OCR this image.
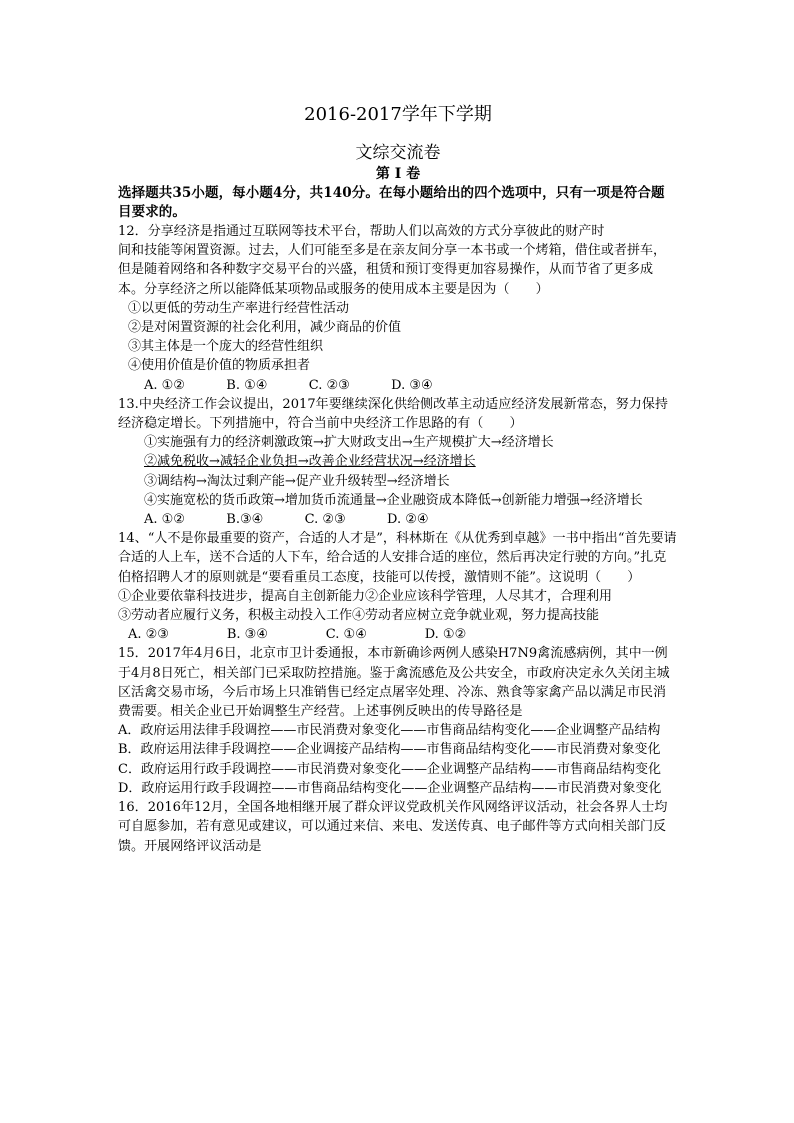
2016-2017学年下学期

文综交流卷

第 Ⅰ 卷

选择题共35小题，每小题4分，共140分。在每小题给出的四个选项中，只有一项是符合题目要求的。

12．分享经济是指通过互联网等技术平台，帮助人们以高效的方式分享彼此的财产时

间和技能等闲置资源。过去，人们可能至多是在亲友间分享一本书或一个烤箱，借住或者拼车，但是随着网络和各种数字交易平台的兴盛，租赁和预订变得更加容易操作，从而节省了更多成本。分享经济之所以能降低某项物品或服务的使用成本主要是因为（　　）

①以更低的劳动生产率进行经营性活动

②是对闲置资源的社会化利用，减少商品的价值

③其主体是一个庞大的经营性组织

④使用价值是价值的物质承担者

A. ①②          B. ①④          C. ②③          D. ③④

13.中央经济工作会议提出，2017年要继续深化供给侧改革主动适应经济发展新常态，努力保持经济稳定增长。下列措施中，符合当前中央经济工作思路的有（　　）

①实施强有力的经济刺激政策→扩大财政支出→生产规模扩大→经济增长

②减免税收→减轻企业负担→改善企业经营状况→经济增长

③调结构→淘汰过剩产能→促产业升级转型→经济增长

④实施宽松的货币政策→增加货币流通量→企业融资成本降低→创新能力增强→经济增长

A. ①②          B.③④          C. ②③          D. ②④

14、“人不是你最重要的资产，合适的人才是”，科林斯在《从优秀到卓越》一书中指出“首先要请合适的人上车，送不合适的人下车，给合适的人安排合适的座位，然后再决定行驶的方向。”扎克伯格招聘人才的原则就是“要看重员工态度，技能可以传授，激情则不能”。这说明（　　）

①企业要依靠科技进步，提高自主创新能力②企业应该科学管理，人尽其才，合理利用

③劳动者应履行义务，积极主动投入工作④劳动者应树立竞争就业观，努力提高技能

A. ②③              B. ③④              C. ①④              D. ①②

15．2017年4月6日，北京市卫计委通报，本市新确诊两例人感染H7N9禽流感病例，其中一例于4月8日死亡，相关部门已采取防控措施。鉴于禽流感危及公共安全，市政府决定永久关闭主城区活禽交易市场，今后市场上只准销售已经定点屠宰处理、冷冻、熟食等家禽产品以满足市民消费需要。相关企业已开始调整生产经营。上述事例反映出的传导路径是

A．政府运用法律手段调控——市民消费对象变化——市售商品结构变化——企业调整产品结构

B．政府运用法律手段调控——企业调接产品结构——市售商品结构变化——市民消费对象变化

C．政府运用行政手段调控——市民消费对象变化——企业调整产品结构——市售商品结构变化

D．政府运用行政手段调控——市售商品结构变化——企业调整产品结构——市民消费对象变化

16．2016年12月，全国各地相继开展了群众评议党政机关作风网络评议活动，社会各界人士均可自愿参加，若有意见或建议，可以通过来信、来电、发送传真、电子邮件等方式向相关部门反馈。开展网络评议活动是
